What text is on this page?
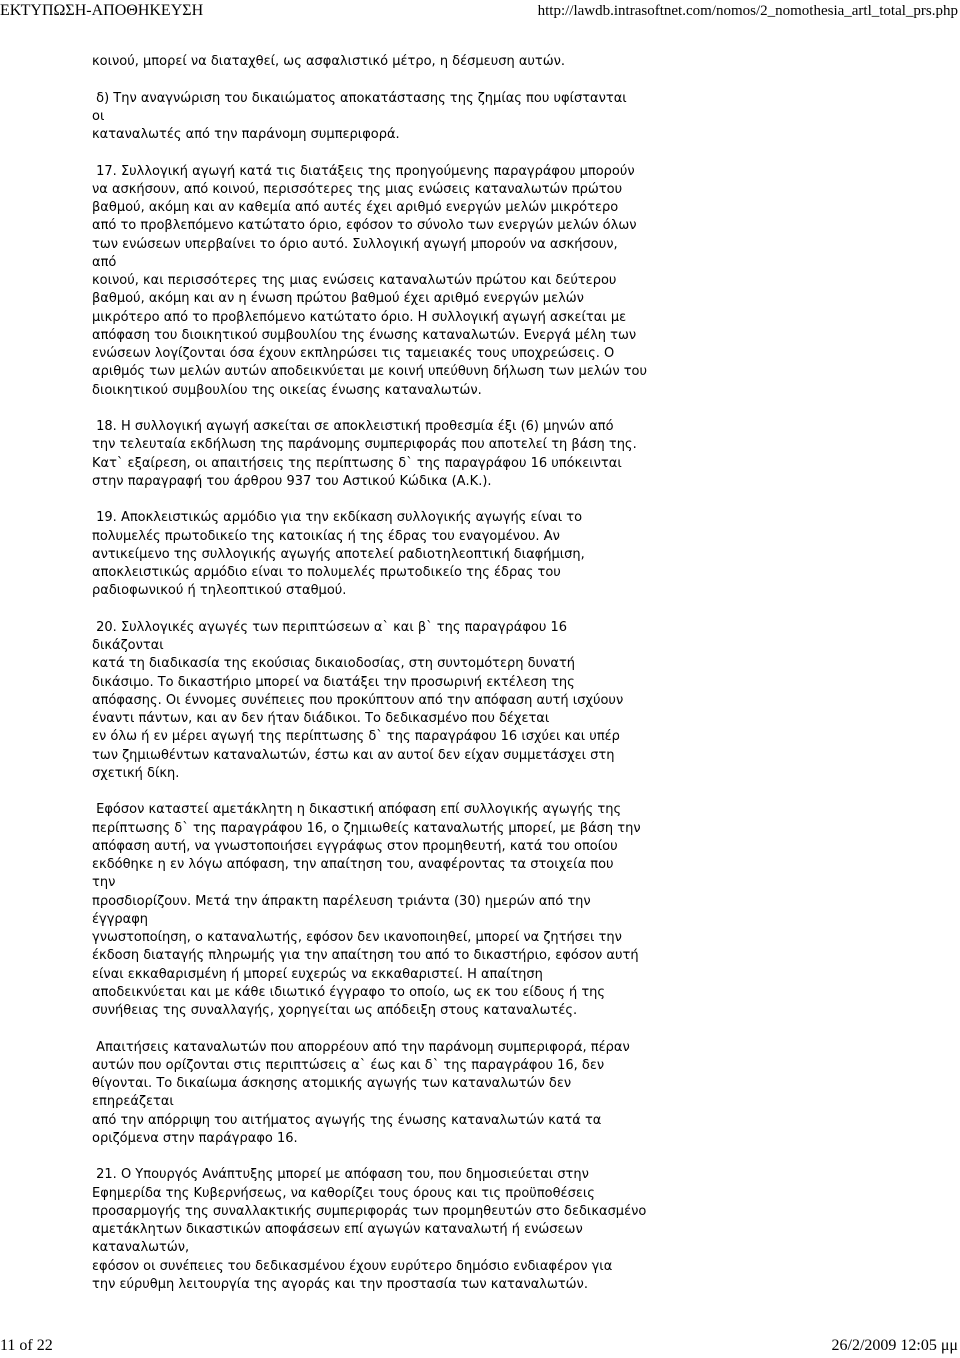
ΕΚΤΥΠΩΣΗ-ΑΠΟΘΗΚΕΥΣΗ	http://lawdb.intrasoftnet.com/nomos/2_nomothesia_artl_total_prs.php

κοινού, μπορεί να διαταχθεί, ως ασφαλιστικό μέτρο, η δέσμευση αυτών.

δ) Την αναγνώριση του δικαιώματος αποκατάστασης της ζημίας που υφίστανται
οι
καταναλωτές από την παράνομη συμπεριφορά.

17. Συλλογική αγωγή κατά τις διατάξεις της προηγούμενης παραγράφου μπορούν
να ασκήσουν, από κοινού, περισσότερες της μιας ενώσεις καταναλωτών πρώτου
βαθμού, ακόμη και αν καθεμία από αυτές έχει αριθμό ενεργών μελών μικρότερο
από το προβλεπόμενο κατώτατο όριο, εφόσον το σύνολο των ενεργών μελών όλων
των ενώσεων υπερβαίνει το όριο αυτό. Συλλογική αγωγή μπορούν να ασκήσουν,
από
κοινού, και περισσότερες της μιας ενώσεις καταναλωτών πρώτου και δεύτερου
βαθμού, ακόμη και αν η ένωση πρώτου βαθμού έχει αριθμό ενεργών μελών
μικρότερο από το προβλεπόμενο κατώτατο όριο. Η συλλογική αγωγή ασκείται με
απόφαση του διοικητικού συμβουλίου της ένωσης καταναλωτών. Ενεργά μέλη των
ενώσεων λογίζονται όσα έχουν εκπληρώσει τις ταμειακές τους υποχρεώσεις. Ο
αριθμός των μελών αυτών αποδεικνύεται με κοινή υπεύθυνη δήλωση των μελών του
διοικητικού συμβουλίου της οικείας ένωσης καταναλωτών.

18. Η συλλογική αγωγή ασκείται σε αποκλειστική προθεσμία έξι (6) μηνών από
την τελευταία εκδήλωση της παράνομης συμπεριφοράς που αποτελεί τη βάση της.
Κατ` εξαίρεση, οι απαιτήσεις της περίπτωσης δ` της παραγράφου 16 υπόκεινται
στην παραγραφή του άρθρου 937 του Αστικού Κώδικα (Α.Κ.).

19. Αποκλειστικώς αρμόδιο για την εκδίκαση συλλογικής αγωγής είναι το
πολυμελές πρωτοδικείο της κατοικίας ή της έδρας του εναγομένου. Αν
αντικείμενο της συλλογικής αγωγής αποτελεί ραδιοτηλεοπτική διαφήμιση,
αποκλειστικώς αρμόδιο είναι το πολυμελές πρωτοδικείο της έδρας του
ραδιοφωνικού ή τηλεοπτικού σταθμού.

20. Συλλογικές αγωγές των περιπτώσεων α` και β` της παραγράφου 16
δικάζονται
κατά τη διαδικασία της εκούσιας δικαιοδοσίας, στη συντομότερη δυνατή
δικάσιμο. Το δικαστήριο μπορεί να διατάξει την προσωρινή εκτέλεση της
απόφασης. Οι έννομες συνέπειες που προκύπτουν από την απόφαση αυτή ισχύουν
έναντι πάντων, και αν δεν ήταν διάδικοι. Το δεδικασμένο που δέχεται
εν όλω ή εν μέρει αγωγή της περίπτωσης δ` της παραγράφου 16 ισχύει και υπέρ
των ζημιωθέντων καταναλωτών, έστω και αν αυτοί δεν είχαν συμμετάσχει στη
σχετική δίκη.

Εφόσον καταστεί αμετάκλητη η δικαστική απόφαση επί συλλογικής αγωγής της
περίπτωσης δ` της παραγράφου 16, ο ζημιωθείς καταναλωτής μπορεί, με βάση την
απόφαση αυτή, να γνωστοποιήσει εγγράφως στον προμηθευτή, κατά του οποίου
εκδόθηκε η εν λόγω απόφαση, την απαίτηση του, αναφέροντας τα στοιχεία που
την
προσδιορίζουν. Μετά την άπρακτη παρέλευση τριάντα (30) ημερών από την
έγγραφη
γνωστοποίηση, ο καταναλωτής, εφόσον δεν ικανοποιηθεί, μπορεί να ζητήσει την
έκδοση διαταγής πληρωμής για την απαίτηση του από το δικαστήριο, εφόσον αυτή
είναι εκκαθαρισμένη ή μπορεί ευχερώς να εκκαθαριστεί. Η απαίτηση
αποδεικνύεται και με κάθε ιδιωτικό έγγραφο το οποίο, ως εκ του είδους ή της
συνήθειας της συναλλαγής, χορηγείται ως απόδειξη στους καταναλωτές.

Απαιτήσεις καταναλωτών που απορρέουν από την παράνομη συμπεριφορά, πέραν
αυτών που ορίζονται στις περιπτώσεις α` έως και δ` της παραγράφου 16, δεν
θίγονται. Το δικαίωμα άσκησης ατομικής αγωγής των καταναλωτών δεν
επηρεάζεται
από την απόρριψη του αιτήματος αγωγής της ένωσης καταναλωτών κατά τα
οριζόμενα στην παράγραφο 16.

21. Ο Υπουργός Ανάπτυξης μπορεί με απόφαση του, που δημοσιεύεται στην
Εφημερίδα της Κυβερνήσεως, να καθορίζει τους όρους και τις προϋποθέσεις
προσαρμογής της συναλλακτικής συμπεριφοράς των προμηθευτών στο δεδικασμένο
αμετάκλητων δικαστικών αποφάσεων επί αγωγών καταναλωτή ή ενώσεων
καταναλωτών,
εφόσον οι συνέπειες του δεδικασμένου έχουν ευρύτερο δημόσιο ενδιαφέρον για
την εύρυθμη λειτουργία της αγοράς και την προστασία των καταναλωτών.

11 of 22	26/2/2009 12:05 μμ
